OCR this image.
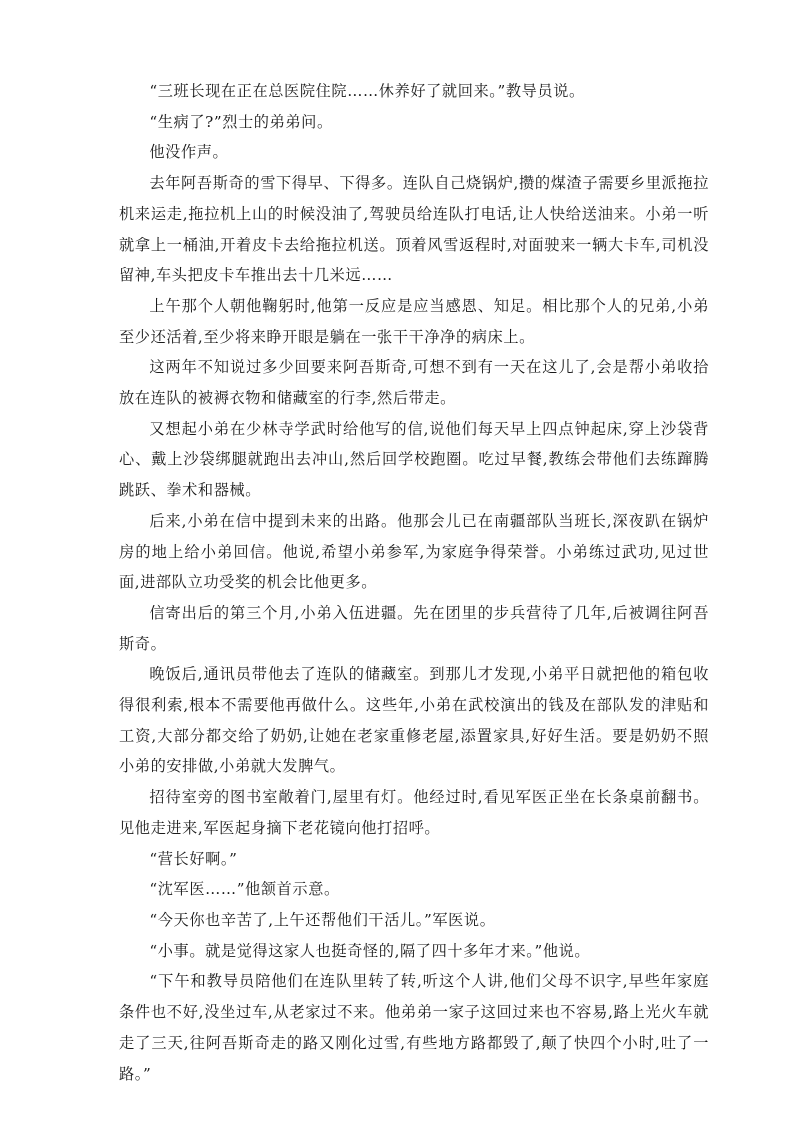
“三班长现在正在总医院住院……休养好了就回来。”教导员说。

“生病了?”烈士的弟弟问。

他没作声。

去年阿吾斯奇的雪下得早、下得多。连队自己烧锅炉,攒的煤渣子需要乡里派拖拉机来运走,拖拉机上山的时候没油了,驾驶员给连队打电话,让人快给送油来。小弟一听就拿上一桶油,开着皮卡去给拖拉机送。顶着风雪返程时,对面驶来一辆大卡车,司机没留神,车头把皮卡车推出去十几米远……

上午那个人朝他鞠躬时,他第一反应是应当感恩、知足。相比那个人的兄弟,小弟至少还活着,至少将来睁开眼是躺在一张干干净净的病床上。

这两年不知说过多少回要来阿吾斯奇,可想不到有一天在这儿了,会是帮小弟收拾放在连队的被褥衣物和储藏室的行李,然后带走。

又想起小弟在少林寺学武时给他写的信,说他们每天早上四点钟起床,穿上沙袋背心、戴上沙袋绑腿就跑出去冲山,然后回学校跑圈。吃过早餐,教练会带他们去练蹿腾跳跃、拳术和器械。

后来,小弟在信中提到未来的出路。他那会儿已在南疆部队当班长,深夜趴在锅炉房的地上给小弟回信。他说,希望小弟参军,为家庭争得荣誉。小弟练过武功,见过世面,进部队立功受奖的机会比他更多。

信寄出后的第三个月,小弟入伍进疆。先在团里的步兵营待了几年,后被调往阿吾斯奇。

晚饭后,通讯员带他去了连队的储藏室。到那儿才发现,小弟平日就把他的箱包收得很利索,根本不需要他再做什么。这些年,小弟在武校演出的钱及在部队发的津贴和工资,大部分都交给了奶奶,让她在老家重修老屋,添置家具,好好生活。要是奶奶不照小弟的安排做,小弟就大发脾气。

招待室旁的图书室敞着门,屋里有灯。他经过时,看见军医正坐在长条桌前翻书。见他走进来,军医起身摘下老花镜向他打招呼。

“营长好啊。”

“沈军医……”他颔首示意。

“今天你也辛苦了,上午还帮他们干活儿。”军医说。

“小事。就是觉得这家人也挺奇怪的,隔了四十多年才来。”他说。

“下午和教导员陪他们在连队里转了转,听这个人讲,他们父母不识字,早些年家庭条件也不好,没坐过车,从老家过不来。他弟弟一家子这回过来也不容易,路上光火车就走了三天,往阿吾斯奇走的路又刚化过雪,有些地方路都毁了,颠了快四个小时,吐了一路。”
